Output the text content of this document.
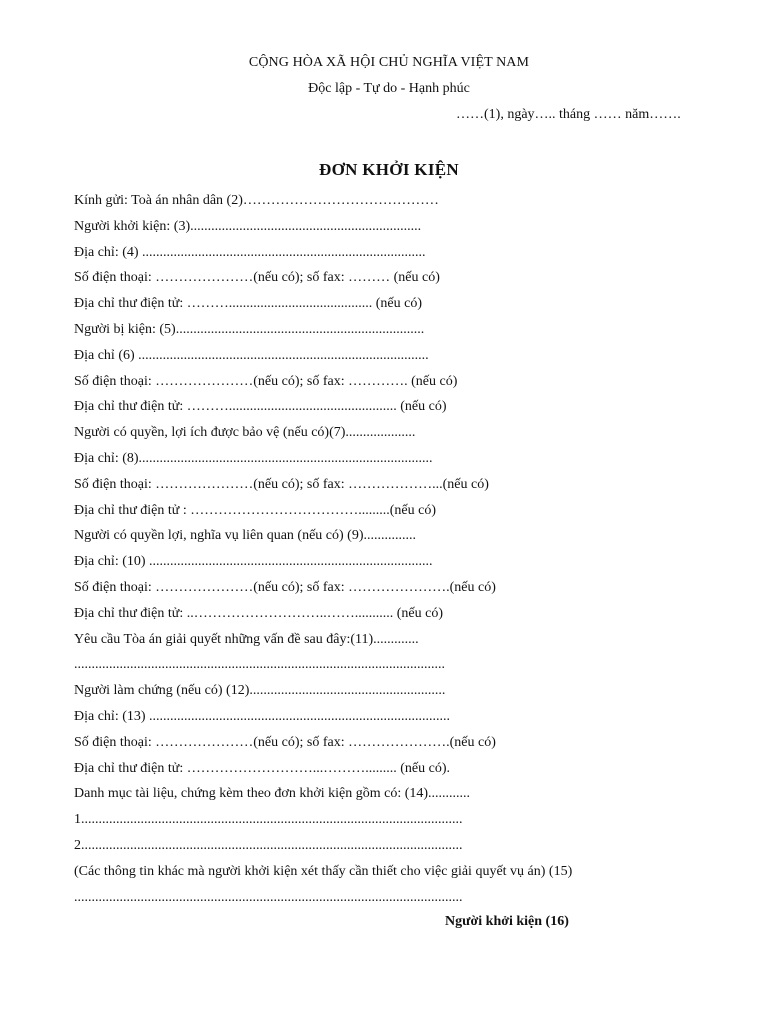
CỘNG HÒA XÃ HỘI CHỦ NGHĨA VIỆT NAM
Độc lập - Tự do - Hạnh phúc
……(1), ngày….. tháng …… năm…….
ĐƠN KHỞI KIỆN
Kính gửi: Toà án nhân dân (2)……………………………………
Người khởi kiện: (3)..................................................................
Địa chỉ: (4) .................................................................................
Số điện thoại: …………………(nếu có); số fax: ……… (nếu có)
Địa chỉ thư điện tử: ………......................................... (nếu có)
Người bị kiện: (5).......................................................................
Địa chỉ (6) ...................................................................................
Số điện thoại: …………………(nếu có); số fax: …………. (nếu có)
Địa chỉ thư điện tử: ………................................................ (nếu có)
Người có quyền, lợi ích được bảo vệ (nếu có)(7)....................
Địa chỉ: (8)....................................................................................
Số điện thoại: …………………(nếu có); số fax: ………………...(nếu có)
Địa chỉ thư điện tử : ……………………………….........(nếu có)
Người có quyền lợi, nghĩa vụ liên quan (nếu có) (9)...............
Địa chỉ: (10) .................................................................................
Số điện thoại: …………………(nếu có); số fax: ………………….(nếu có)
Địa chỉ thư điện tử: ..………………………..……........... (nếu có)
Yêu cầu Tòa án giải quyết những vấn đề sau đây:(11).............
..........................................................................................................
Người làm chứng (nếu có) (12)........................................................
Địa chỉ: (13) ......................................................................................
Số điện thoại: …………………(nếu có); số fax: ………………….(nếu có)
Địa chỉ thư điện tử: ………………………...………......... (nếu có).
Danh mục tài liệu, chứng kèm theo đơn khởi kiện gồm có: (14)............
1.............................................................................................................
2.............................................................................................................
(Các thông tin khác mà người khởi kiện xét thấy cần thiết cho việc giải quyết vụ án) (15)
...............................................................................................................
Người khởi kiện (16)
